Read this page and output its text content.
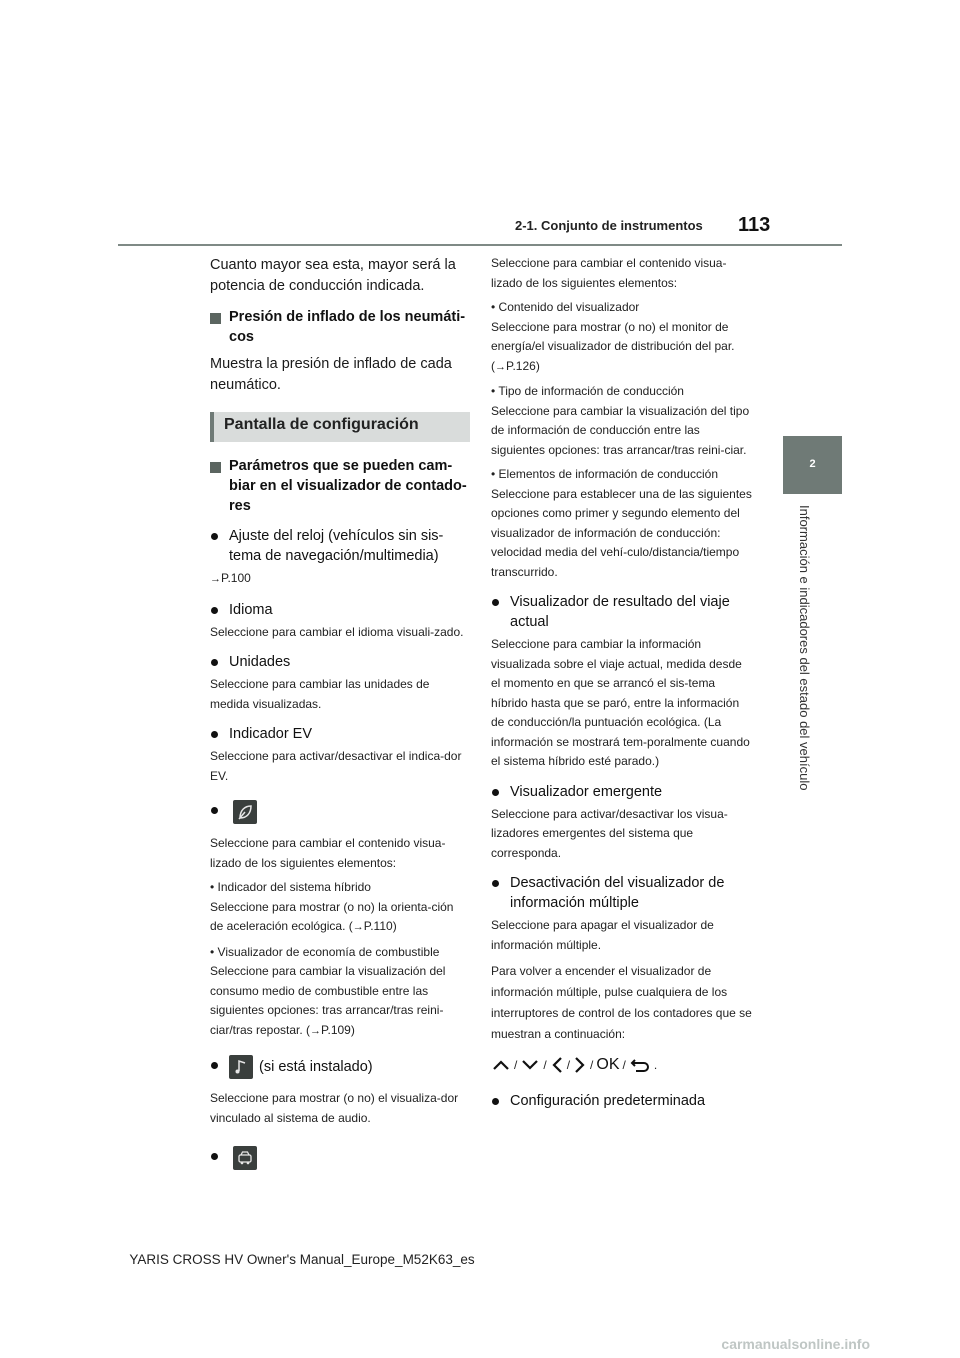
2-1. Conjunto de instrumentos 113
2
Información e indicadores del estado del vehículo

Cuanto mayor sea esta, mayor será la potencia de conducción indicada.

Presión de inflado de los neumáti-cos

Muestra la presión de inflado de cada neumático.

Pantalla de configuración
Parámetros que se pueden cam-biar en el visualizador de contado-res
Ajuste del reloj (vehículos sin sis-tema de navegación/multimedia)

→P.100

Idioma

Seleccione para cambiar el idioma visuali-zado.

Unidades

Seleccione para cambiar las unidades de medida visualizadas.

Indicador EV

Seleccione para activar/desactivar el indica-dor EV.

Seleccione para cambiar el contenido visua-lizado de los siguientes elementos:

• Indicador del sistema híbrido

Seleccione para mostrar (o no) la orienta-ción de aceleración ecológica. (→P.110)

• Visualizador de economía de combustible

Seleccione para cambiar la visualización del consumo medio de combustible entre las siguientes opciones: tras arrancar/tras reini-ciar/tras repostar. (→P.109)

(si está instalado)

Seleccione para mostrar (o no) el visualiza-dor vinculado al sistema de audio.

Seleccione para cambiar el contenido visua-lizado de los siguientes elementos:

• Contenido del visualizador

Seleccione para mostrar (o no) el monitor de energía/el visualizador de distribución del par. (→P.126)

• Tipo de información de conducción

Seleccione para cambiar la visualización del tipo de información de conducción entre las siguientes opciones: tras arrancar/tras reini-ciar.

• Elementos de información de conducción

Seleccione para establecer una de las siguientes opciones como primer y segundo elemento del visualizador de información de conducción: velocidad media del vehí-culo/distancia/tiempo transcurrido.

Visualizador de resultado del viaje actual

Seleccione para cambiar la información visualizada sobre el viaje actual, medida desde el momento en que se arrancó el sis-tema híbrido hasta que se paró, entre la información de conducción/la puntuación ecológica. (La información se mostrará tem-poralmente cuando el sistema híbrido esté parado.)

Visualizador emergente

Seleccione para activar/desactivar los visua-lizadores emergentes del sistema que corresponda.

Desactivación del visualizador de información múltiple

Seleccione para apagar el visualizador de información múltiple.

Para volver a encender el visualizador de información múltiple, pulse cualquiera de los interruptores de control de los contadores que se muestran a continuación:

/ / / / OK / .
Configuración predeterminada
YARIS CROSS HV Owner's Manual_Europe_M52K63_es
carmanualsonline.info
